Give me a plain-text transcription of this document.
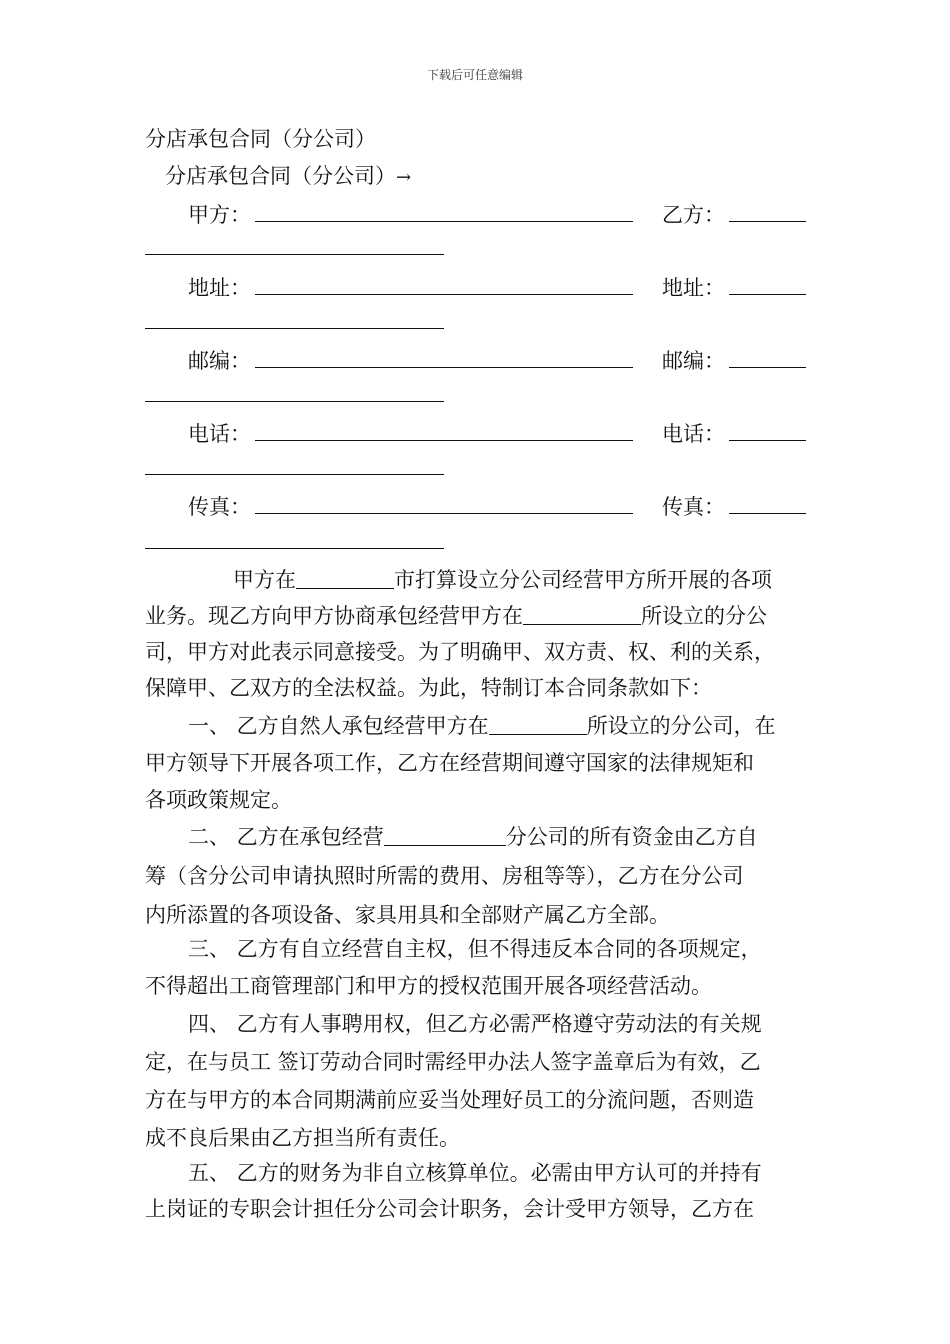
下载后可任意编辑
分店承包合同（分公司）
分店承包合同（分公司）→
甲方：	乙方：
地址：	地址：
邮编：	邮编：
电话：	电话：
传真：	传真：
甲方在	市打算设立分公司经营甲方所开展的各项
业务。现乙方向甲方协商承包经营甲方在	所设立的分公
司，甲方对此表示同意接受。为了明确甲、双方责、权、利的关系，
保障甲、乙双方的全法权益。为此，特制订本合同条款如下：
一、 乙方自然人承包经营甲方在	所设立的分公司，在
甲方领导下开展各项工作，乙方在经营期间遵守国家的法律规矩和
各项政策规定。
二、 乙方在承包经营	分公司的所有资金由乙方自
筹（含分公司申请执照时所需的费用、房租等等），乙方在分公司
内所添置的各项设备、家具用具和全部财产属乙方全部。
三、 乙方有自立经营自主权，但不得违反本合同的各项规定，
不得超出工商管理部门和甲方的授权范围开展各项经营活动。
四、 乙方有人事聘用权，但乙方必需严格遵守劳动法的有关规
定，在与员工 签订劳动合同时需经甲办法人签字盖章后为有效，乙
方在与甲方的本合同期满前应妥当处理好员工的分流问题，否则造
成不良后果由乙方担当所有责任。
五、 乙方的财务为非自立核算单位。必需由甲方认可的并持有
上岗证的专职会计担任分公司会计职务，会计受甲方领导，乙方在
